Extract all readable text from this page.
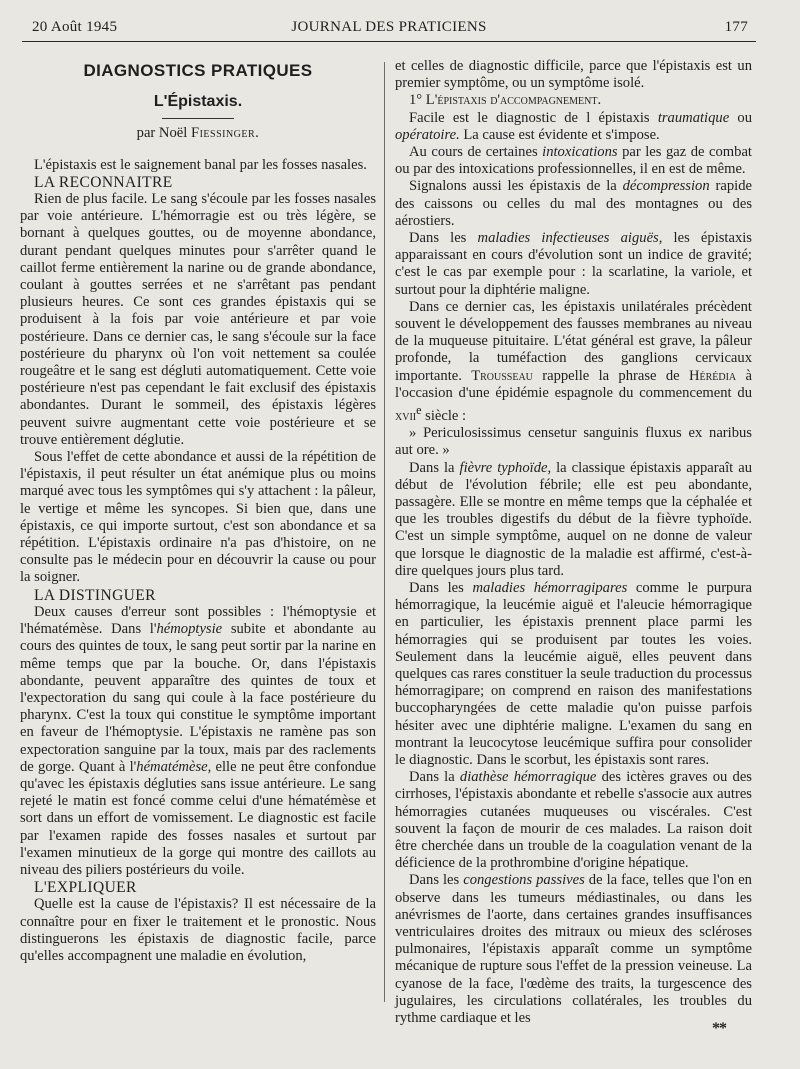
20 Août 1945	JOURNAL DES PRATICIENS	177
DIAGNOSTICS PRATIQUES
L'Épistaxis.
par Noël Fiessinger.

L'épistaxis est le saignement banal par les fosses nasales.

LA RECONNAITRE

Rien de plus facile. Le sang s'écoule par les fosses nasales par voie antérieure. L'hémorragie est ou très légère, se bornant à quelques gouttes, ou de moyenne abondance, durant pendant quelques minutes pour s'arrêter quand le caillot ferme entièrement la narine ou de grande abondance, coulant à gouttes serrées et ne s'arrêtant pas pendant plusieurs heures. Ce sont ces grandes épistaxis qui se produisent à la fois par voie antérieure et par voie postérieure. Dans ce dernier cas, le sang s'écoule sur la face postérieure du pharynx où l'on voit nettement sa coulée rougeâtre et le sang est dégluti automatiquement. Cette voie postérieure n'est pas cependant le fait exclusif des épistaxis abondantes. Durant le sommeil, des épistaxis légères peuvent suivre augmentant cette voie postérieure et se trouve entièrement déglutie.

Sous l'effet de cette abondance et aussi de la répétition de l'épistaxis, il peut résulter un état anémique plus ou moins marqué avec tous les symptômes qui s'y attachent : la pâleur, le vertige et même les syncopes. Si bien que, dans une épistaxis, ce qui importe surtout, c'est son abondance et sa répétition. L'épistaxis ordinaire n'a pas d'histoire, on ne consulte pas le médecin pour en découvrir la cause ou pour la soigner.

LA DISTINGUER

Deux causes d'erreur sont possibles : l'hémoptysie et l'hématémèse. Dans l'hémoptysie subite et abondante au cours des quintes de toux, le sang peut sortir par la narine en même temps que par la bouche. Or, dans l'épistaxis abondante, peuvent apparaître des quintes de toux et l'expectoration du sang qui coule à la face postérieure du pharynx. C'est la toux qui constitue le symptôme important en faveur de l'hémoptysie. L'épistaxis ne ramène pas son expectoration sanguine par la toux, mais par des raclements de gorge. Quant à l'hématémèse, elle ne peut être confondue qu'avec les épistaxis dégluties sans issue antérieure. Le sang rejeté le matin est foncé comme celui d'une hématémèse et sort dans un effort de vomissement. Le diagnostic est facile par l'examen rapide des fosses nasales et surtout par l'examen minutieux de la gorge qui montre des caillots au niveau des piliers postérieurs du voile.

L'EXPLIQUER

Quelle est la cause de l'épistaxis? Il est nécessaire de la connaître pour en fixer le traitement et le pronostic. Nous distinguerons les épistaxis de diagnostic facile, parce qu'elles accompagnent une maladie en évolution,

et celles de diagnostic difficile, parce que l'épistaxis est un premier symptôme, ou un symptôme isolé.

1° L'épistaxis d'accompagnement.

Facile est le diagnostic de l épistaxis traumatique ou opératoire. La cause est évidente et s'impose.

Au cours de certaines intoxications par les gaz de combat ou par des intoxications professionnelles, il en est de même.

Signalons aussi les épistaxis de la décompression rapide des caissons ou celles du mal des montagnes ou des aérostiers.

Dans les maladies infectieuses aiguës, les épistaxis apparaissant en cours d'évolution sont un indice de gravité; c'est le cas par exemple pour : la scarlatine, la variole, et surtout pour la diphtérie maligne.

Dans ce dernier cas, les épistaxis unilatérales précèdent souvent le développement des fausses membranes au niveau de la muqueuse pituitaire. L'état général est grave, la pâleur profonde, la tuméfaction des ganglions cervicaux importante. Trousseau rappelle la phrase de Hérédia à l'occasion d'une épidémie espagnole du commencement du xvii$^e$ siècle :

» Periculosissimus censetur sanguinis fluxus ex naribus aut ore. »

Dans la fièvre typhoïde, la classique épistaxis apparaît au début de l'évolution fébrile; elle est peu abondante, passagère. Elle se montre en même temps que la céphalée et que les troubles digestifs du début de la fièvre typhoïde. C'est un simple symptôme, auquel on ne donne de valeur que lorsque le diagnostic de la maladie est affirmé, c'est-à-dire quelques jours plus tard.

Dans les maladies hémorragipares comme le purpura hémorragique, la leucémie aiguë et l'aleucie hémorragique en particulier, les épistaxis prennent place parmi les hémorragies qui se produisent par toutes les voies. Seulement dans la leucémie aiguë, elles peuvent dans quelques cas rares constituer la seule traduction du processus hémorragipare; on comprend en raison des manifestations buccopharyngées de cette maladie qu'on puisse parfois hésiter avec une diphtérie maligne. L'examen du sang en montrant la leucocytose leucémique suffira pour consolider le diagnostic. Dans le scorbut, les épistaxis sont rares.

Dans la diathèse hémorragique des ictères graves ou des cirrhoses, l'épistaxis abondante et rebelle s'associe aux autres hémorragies cutanées muqueuses ou viscérales. C'est souvent la façon de mourir de ces malades. La raison doit être cherchée dans un trouble de la coagulation venant de la déficience de la prothrombine d'origine hépatique.

Dans les congestions passives de la face, telles que l'on en observe dans les tumeurs médiastinales, ou dans les anévrismes de l'aorte, dans certaines grandes insuffisances ventriculaires droites des mitraux ou mieux des scléroses pulmonaires, l'épistaxis apparaît comme un symptôme mécanique de rupture sous l'effet de la pression veineuse. La cyanose de la face, l'œdème des traits, la turgescence des jugulaires, les circulations collatérales, les troubles du rythme cardiaque et les

**
